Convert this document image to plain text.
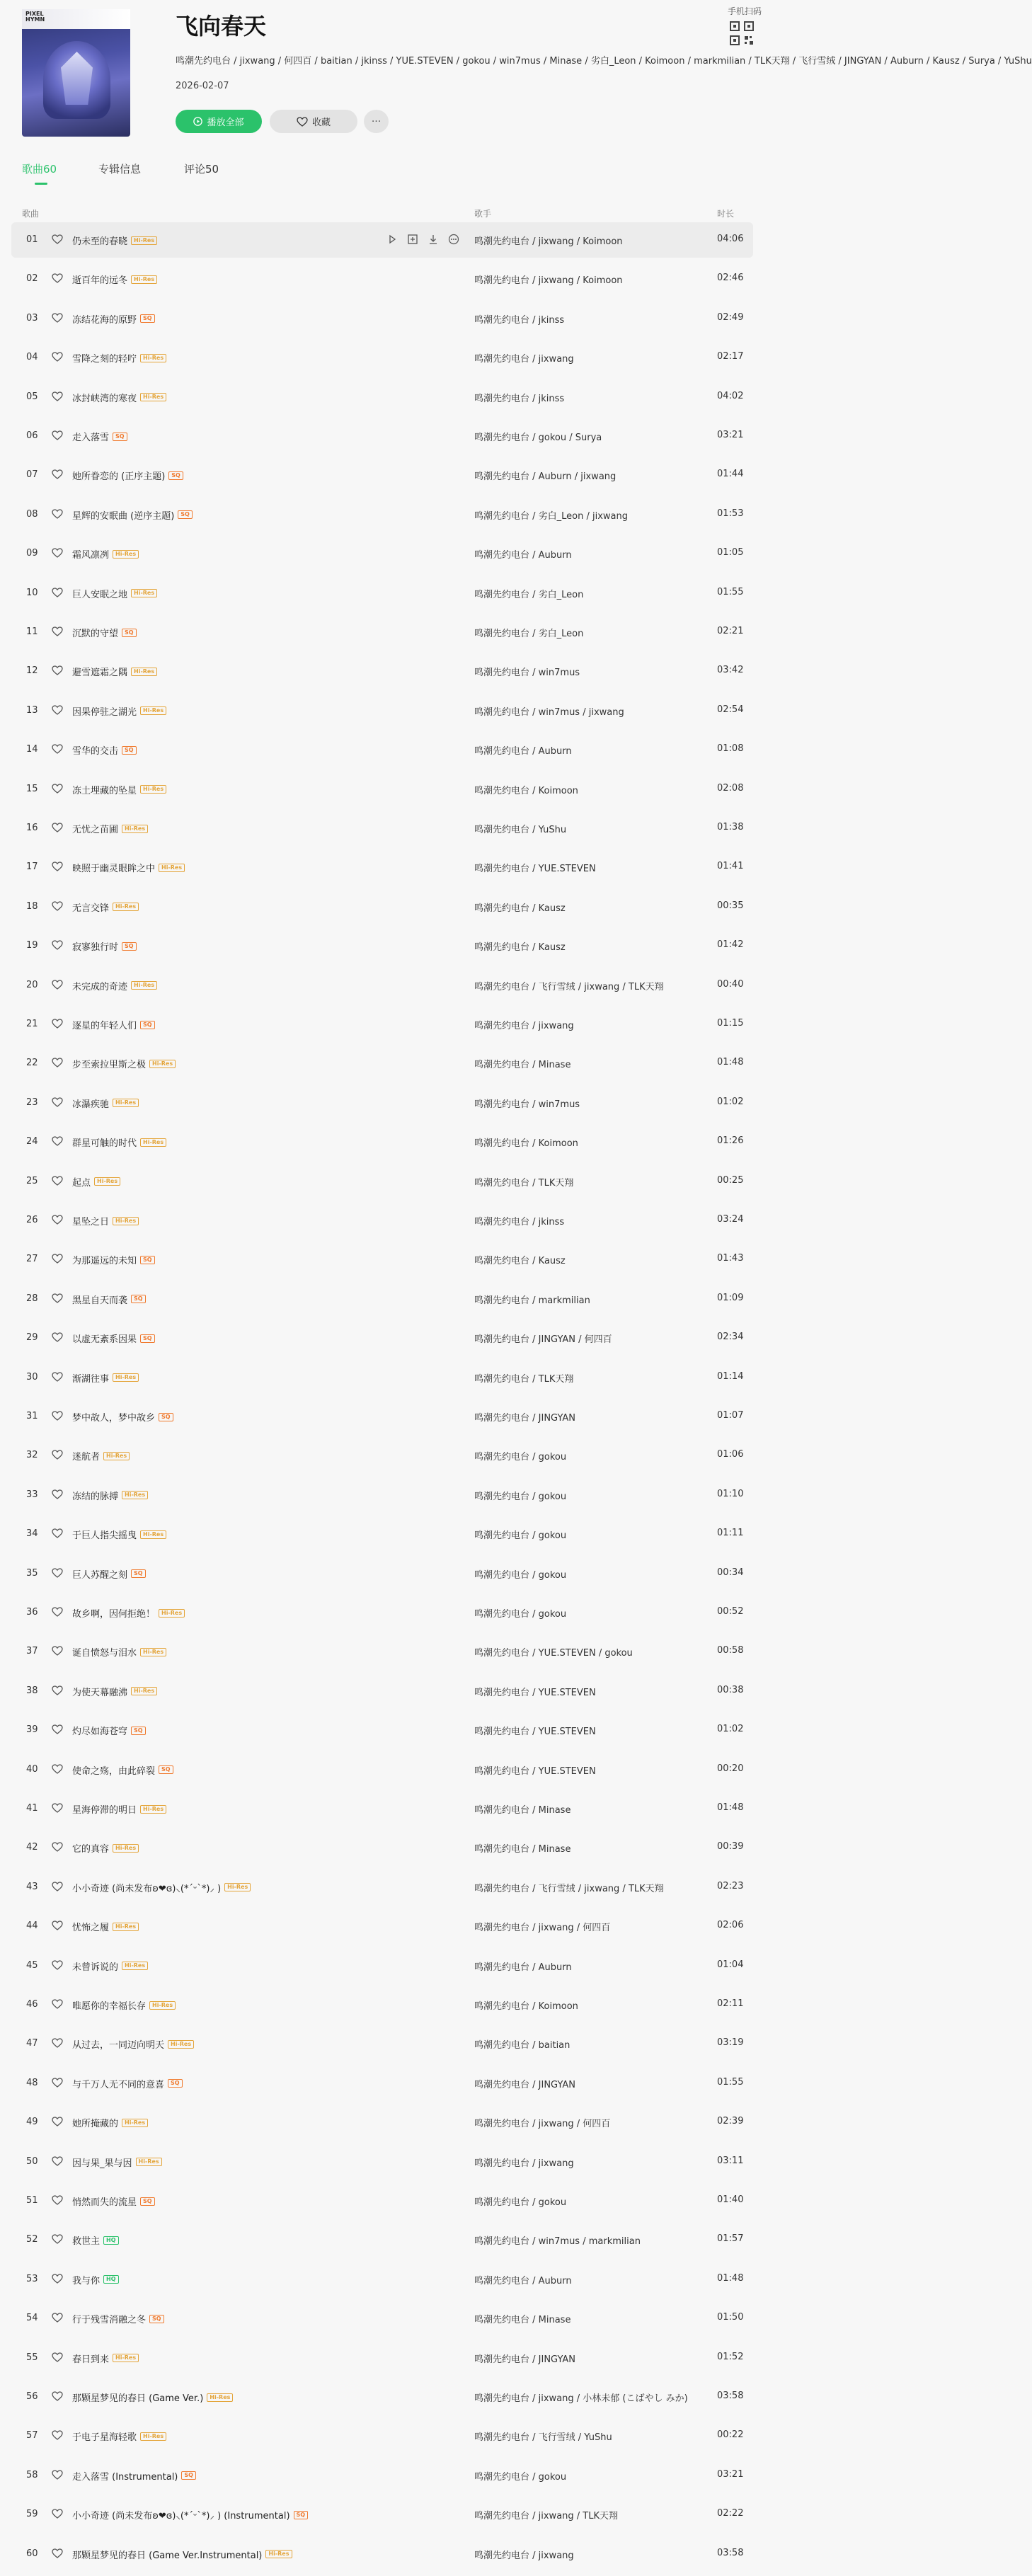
PIXEL
HYMN	飞向春天
鸣潮先约电台 / jixwang / 何四百 / baitian / jkinss / YUE.STEVEN / gokou / win7mus / Minase / 劣白_Leon / Koimoon / markmilian / TLK天翔 / 飞行雪绒 / JINGYAN / Auburn / Kausz / Surya / YuShu
2026-02-07
播放全部	收藏	···
手机扫码
歌曲60	专辑信息	评论50
歌曲	歌手	时长
01	仍未至的春晓	Hi-Res	鸣潮先约电台 / jixwang / Koimoon	04:06
02	逝百年的远冬	Hi-Res	鸣潮先约电台 / jixwang / Koimoon	02:46
03	冻结花海的原野	SQ	鸣潮先约电台 / jkinss	02:49
04	雪降之刻的轻咛	Hi-Res	鸣潮先约电台 / jixwang	02:17
05	冰封峡湾的寒夜	Hi-Res	鸣潮先约电台 / jkinss	04:02
06	走入落雪	SQ	鸣潮先约电台 / gokou / Surya	03:21
07	她所眷恋的 (正序主题)	SQ	鸣潮先约电台 / Auburn / jixwang	01:44
08	星辉的安眠曲 (逆序主题)	SQ	鸣潮先约电台 / 劣白_Leon / jixwang	01:53
09	霜风凛冽	Hi-Res	鸣潮先约电台 / Auburn	01:05
10	巨人安眠之地	Hi-Res	鸣潮先约电台 / 劣白_Leon	01:55
11	沉默的守望	SQ	鸣潮先约电台 / 劣白_Leon	02:21
12	避雪遮霜之隅	Hi-Res	鸣潮先约电台 / win7mus	03:42
13	因果停驻之湖光	Hi-Res	鸣潮先约电台 / win7mus / jixwang	02:54
14	雪华的交击	SQ	鸣潮先约电台 / Auburn	01:08
15	冻土埋藏的坠星	Hi-Res	鸣潮先约电台 / Koimoon	02:08
16	无忧之苗圃	Hi-Res	鸣潮先约电台 / YuShu	01:38
17	映照于幽灵眼眸之中	Hi-Res	鸣潮先约电台 / YUE.STEVEN	01:41
18	无言交锋	Hi-Res	鸣潮先约电台 / Kausz	00:35
19	寂寥独行时	SQ	鸣潮先约电台 / Kausz	01:42
20	未完成的奇迹	Hi-Res	鸣潮先约电台 / 飞行雪绒 / jixwang / TLK天翔	00:40
21	逐星的年轻人们	SQ	鸣潮先约电台 / jixwang	01:15
22	步至索拉里斯之极	Hi-Res	鸣潮先约电台 / Minase	01:48
23	冰瀑疾驰	Hi-Res	鸣潮先约电台 / win7mus	01:02
24	群星可触的时代	Hi-Res	鸣潮先约电台 / Koimoon	01:26
25	起点	Hi-Res	鸣潮先约电台 / TLK天翔	00:25
26	星坠之日	Hi-Res	鸣潮先约电台 / jkinss	03:24
27	为那遥远的未知	SQ	鸣潮先约电台 / Kausz	01:43
28	黑星自天而袭	SQ	鸣潮先约电台 / markmilian	01:09
29	以虚无紊系因果	SQ	鸣潮先约电台 / JINGYAN / 何四百	02:34
30	渐湖往事	Hi-Res	鸣潮先约电台 / TLK天翔	01:14
31	梦中故人，梦中故乡	SQ	鸣潮先约电台 / JINGYAN	01:07
32	迷航者	Hi-Res	鸣潮先约电台 / gokou	01:06
33	冻结的脉搏	Hi-Res	鸣潮先约电台 / gokou	01:10
34	于巨人指尖摇曳	Hi-Res	鸣潮先约电台 / gokou	01:11
35	巨人苏醒之刻	SQ	鸣潮先约电台 / gokou	00:34
36	故乡啊，因何拒绝！	Hi-Res	鸣潮先约电台 / gokou	00:52
37	诞自愤怒与泪水	Hi-Res	鸣潮先约电台 / YUE.STEVEN / gokou	00:58
38	为使天幕融沸	Hi-Res	鸣潮先约电台 / YUE.STEVEN	00:38
39	灼尽如海苍穹	SQ	鸣潮先约电台 / YUE.STEVEN	01:02
40	使命之殇，由此碎裂	SQ	鸣潮先约电台 / YUE.STEVEN	00:20
41	星海停滞的明日	Hi-Res	鸣潮先约电台 / Minase	01:48
42	它的真容	Hi-Res	鸣潮先约电台 / Minase	00:39
43	小小奇迹 (尚未发布ʚ❤︎ɞ)⸜(*ˊᵕˋ*)⸝ )	Hi-Res	鸣潮先约电台 / 飞行雪绒 / jixwang / TLK天翔	02:23
44	忧怖之履	Hi-Res	鸣潮先约电台 / jixwang / 何四百	02:06
45	未曾诉说的	Hi-Res	鸣潮先约电台 / Auburn	01:04
46	唯愿你的幸福长存	Hi-Res	鸣潮先约电台 / Koimoon	02:11
47	从过去，一同迈向明天	Hi-Res	鸣潮先约电台 / baitian	03:19
48	与千万人无不同的意喜	SQ	鸣潮先约电台 / JINGYAN	01:55
49	她所掩藏的	Hi-Res	鸣潮先约电台 / jixwang / 何四百	02:39
50	因与果_果与因	Hi-Res	鸣潮先约电台 / jixwang	03:11
51	悄然而失的流星	SQ	鸣潮先约电台 / gokou	01:40
52	救世主	HQ	鸣潮先约电台 / win7mus / markmilian	01:57
53	我与你	HQ	鸣潮先约电台 / Auburn	01:48
54	行于残雪消融之冬	SQ	鸣潮先约电台 / Minase	01:50
55	春日到来	Hi-Res	鸣潮先约电台 / JINGYAN	01:52
56	那颗星梦见的春日 (Game Ver.)	Hi-Res	鸣潮先约电台 / jixwang / 小林未郁 (こばやし みか)	03:58
57	于电子星海轻歌	Hi-Res	鸣潮先约电台 / 飞行雪绒 / YuShu	00:22
58	走入落雪 (Instrumental)	SQ	鸣潮先约电台 / gokou	03:21
59	小小奇迹 (尚未发布ʚ❤︎ɞ)⸜(*ˊᵕˋ*)⸝ ) (Instrumental)	SQ	鸣潮先约电台 / jixwang / TLK天翔	02:22
60	那颗星梦见的春日 (Game Ver.Instrumental)	Hi-Res	鸣潮先约电台 / jixwang	03:58
